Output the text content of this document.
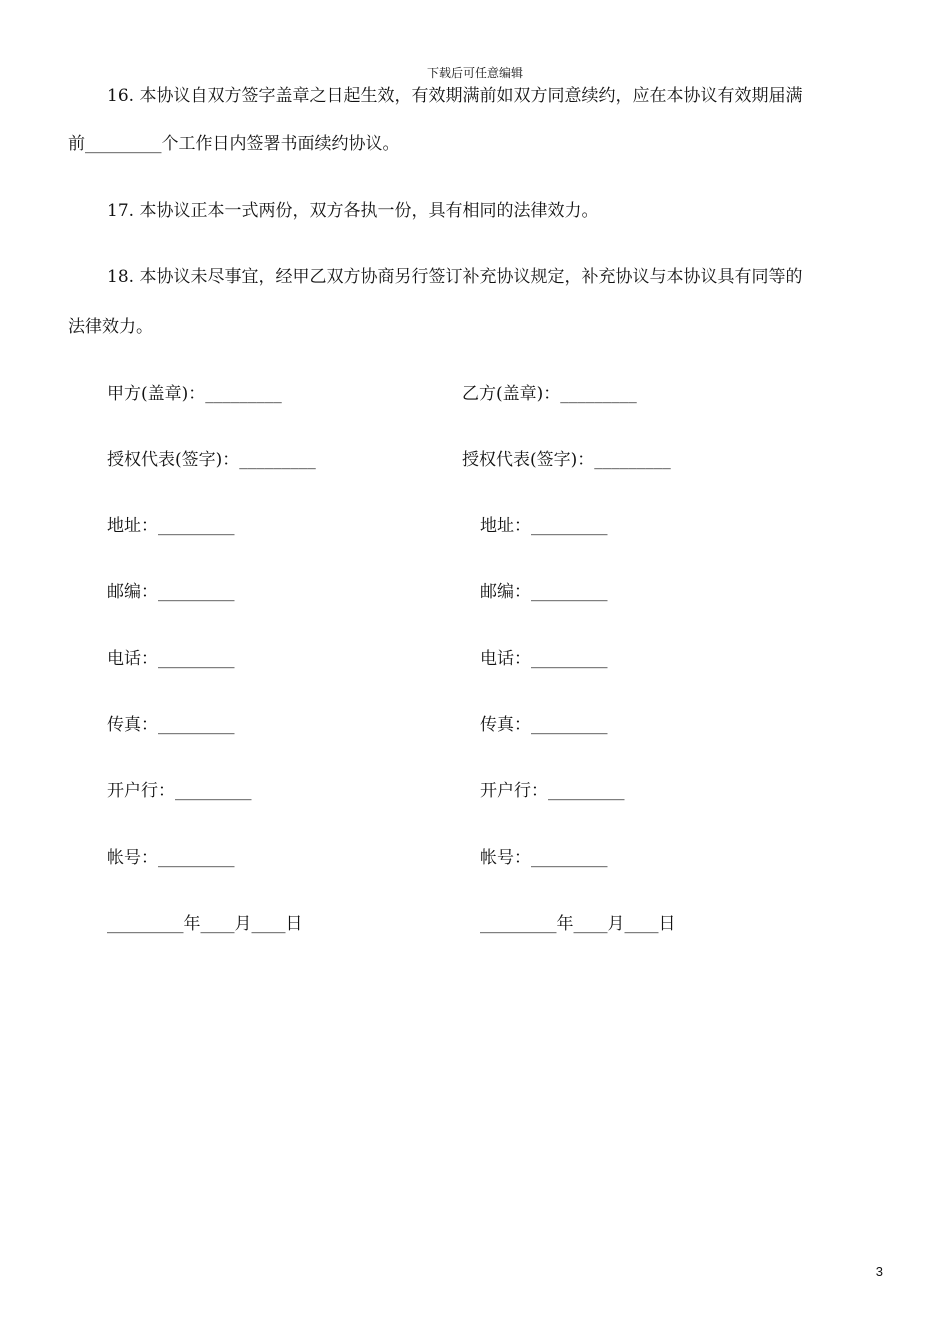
下载后可任意编辑
16. 本协议自双方签字盖章之日起生效，有效期满前如双方同意续约，应在本协议有效期届满
前_________个工作日内签署书面续约协议。
17. 本协议正本一式两份，双方各执一份，具有相同的法律效力。
18. 本协议未尽事宜，经甲乙双方协商另行签订补充协议规定，补充协议与本协议具有同等的
法律效力。
甲方(盖章)：_________
授权代表(签字)：_________
地址：_________
邮编：_________
电话：_________
传真：_________
开户行：_________
帐号：_________
_________年____月____日
乙方(盖章)：_________
授权代表(签字)：_________
地址：_________
邮编：_________
电话：_________
传真：_________
开户行：_________
帐号：_________
_________年____月____日
3
